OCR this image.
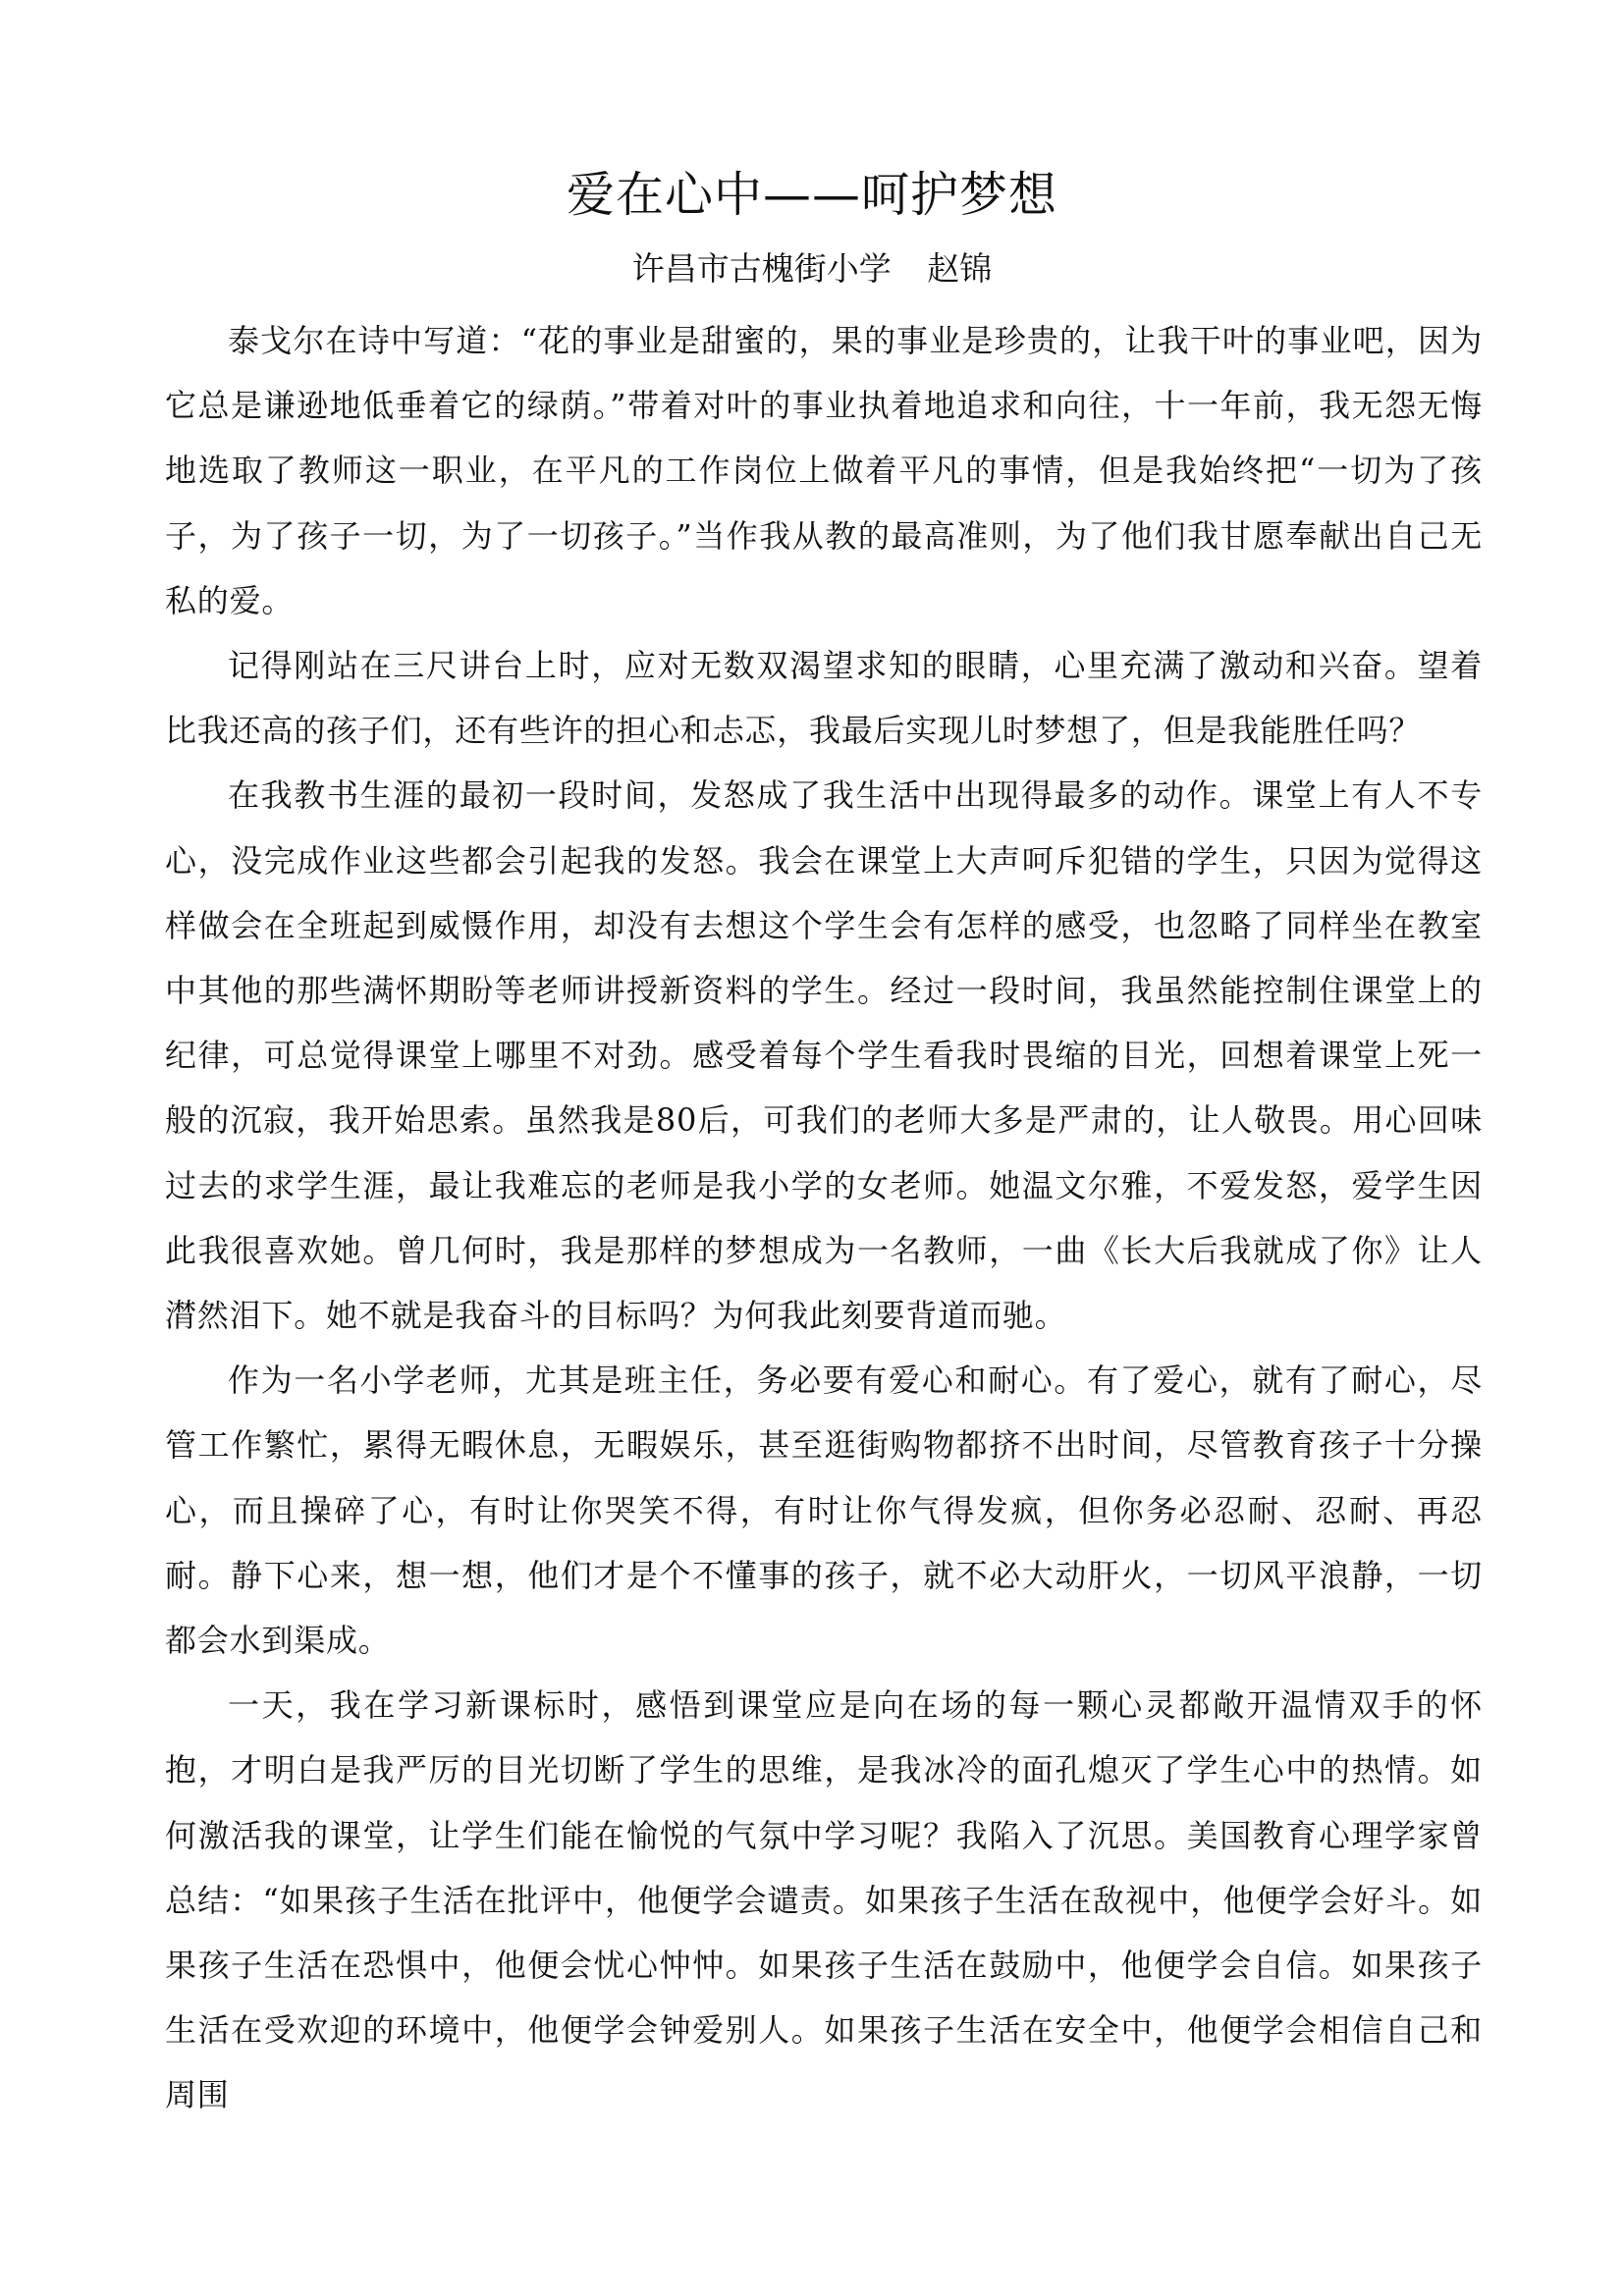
爱在心中——呵护梦想

许昌市古槐街小学 赵锦

泰戈尔在诗中写道：“花的事业是甜蜜的，果的事业是珍贵的，让我干叶的事业吧，因为它总是谦逊地低垂着它的绿荫。”带着对叶的事业执着地追求和向往，十一年前，我无怨无悔地选取了教师这一职业，在平凡的工作岗位上做着平凡的事情，但是我始终把“一切为了孩子，为了孩子一切，为了一切孩子。”当作我从教的最高准则，为了他们我甘愿奉献出自己无私的爱。

记得刚站在三尺讲台上时，应对无数双渴望求知的眼睛，心里充满了激动和兴奋。望着比我还高的孩子们，还有些许的担心和忐忑，我最后实现儿时梦想了，但是我能胜任吗？

在我教书生涯的最初一段时间，发怒成了我生活中出现得最多的动作。课堂上有人不专心，没完成作业这些都会引起我的发怒。我会在课堂上大声呵斥犯错的学生，只因为觉得这样做会在全班起到威慑作用，却没有去想这个学生会有怎样的感受，也忽略了同样坐在教室中其他的那些满怀期盼等老师讲授新资料的学生。经过一段时间，我虽然能控制住课堂上的纪律，可总觉得课堂上哪里不对劲。感受着每个学生看我时畏缩的目光，回想着课堂上死一般的沉寂，我开始思索。虽然我是80后，可我们的老师大多是严肃的，让人敬畏。用心回味过去的求学生涯，最让我难忘的老师是我小学的女老师。她温文尔雅，不爱发怒，爱学生因此我很喜欢她。曾几何时，我是那样的梦想成为一名教师，一曲《长大后我就成了你》让人潸然泪下。她不就是我奋斗的目标吗？为何我此刻要背道而驰。

作为一名小学老师，尤其是班主任，务必要有爱心和耐心。有了爱心，就有了耐心，尽管工作繁忙，累得无暇休息，无暇娱乐，甚至逛街购物都挤不出时间，尽管教育孩子十分操心，而且操碎了心，有时让你哭笑不得，有时让你气得发疯，但你务必忍耐、忍耐、再忍耐。静下心来，想一想，他们才是个不懂事的孩子，就不必大动肝火，一切风平浪静，一切都会水到渠成。

一天，我在学习新课标时，感悟到课堂应是向在场的每一颗心灵都敞开温情双手的怀抱，才明白是我严厉的目光切断了学生的思维，是我冰冷的面孔熄灭了学生心中的热情。如何激活我的课堂，让学生们能在愉悦的气氛中学习呢？我陷入了沉思。美国教育心理学家曾总结：“如果孩子生活在批评中，他便学会谴责。如果孩子生活在敌视中，他便学会好斗。如果孩子生活在恐惧中，他便会忧心忡忡。如果孩子生活在鼓励中，他便学会自信。如果孩子生活在受欢迎的环境中，他便学会钟爱别人。如果孩子生活在安全中，他便学会相信自己和周围
